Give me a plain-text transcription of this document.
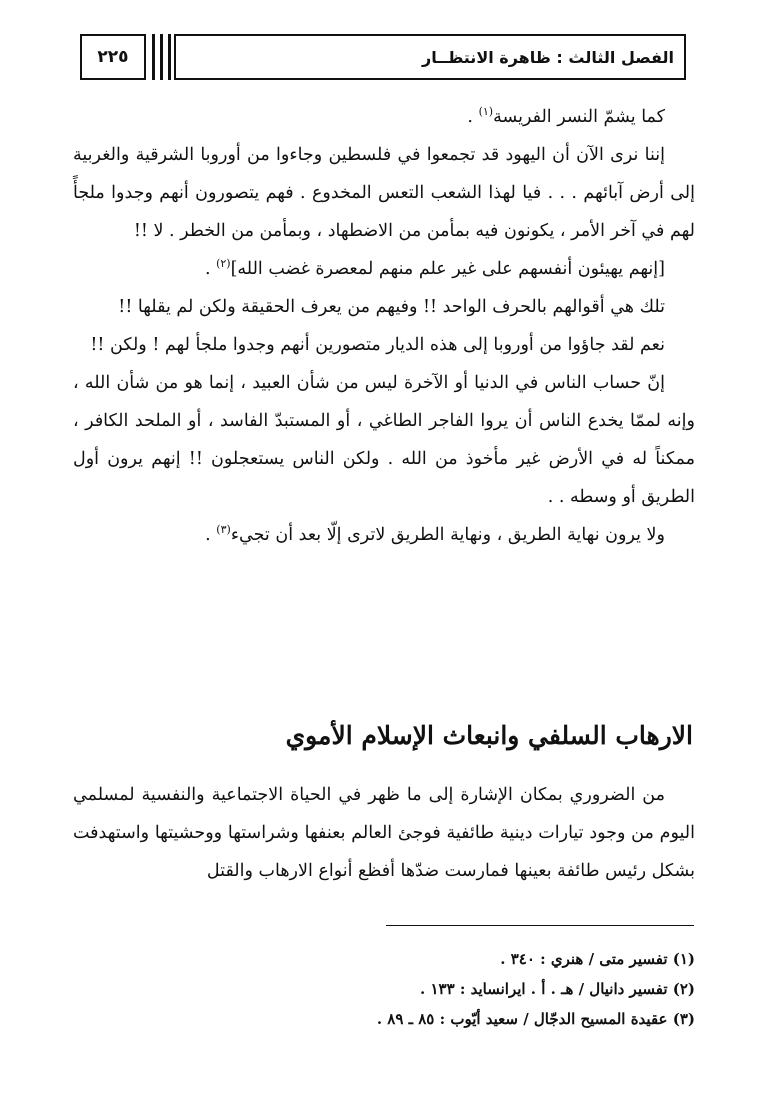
٢٢٥	الفصل الثالث : ظاهرة الانتظــار

كما يشمّ النسر الفريسة$^{(١)}$ .

إننا نرى الآن أن اليهود قد تجمعوا في فلسطين وجاءوا من أوروبا الشرقية والغربية إلى أرض آبائهم . . . فيا لهذا الشعب التعس المخدوع . فهم يتصورون أنهم وجدوا ملجأً لهم في آخر الأمر ، يكونون فيه بمأمن من الاضطهاد ، وبمأمن من الخطر . لا !!

[إنهم يهيئون أنفسهم على غير علم منهم لمعصرة غضب الله]$^{(٢)}$ .

تلك هي أقوالهم بالحرف الواحد !! وفيهم من يعرف الحقيقة ولكن لم يقلها !!

نعم لقد جاؤوا من أوروبا إلى هذه الديار متصورين أنهم وجدوا ملجأ لهم ! ولكن !!

إنّ حساب الناس في الدنيا أو الآخرة ليس من شأن العبيد ، إنما هو من شأن الله ، وإنه لممّا يخدع الناس أن يروا الفاجر الطاغي ، أو المستبدّ الفاسد ، أو الملحد الكافر ، ممكناً له في الأرض غير مأخوذ من الله . ولكن الناس يستعجلون !! إنهم يرون أول الطريق أو وسطه . .

ولا يرون نهاية الطريق ، ونهاية الطريق لاترى إلّا بعد أن تجيء$^{(٣)}$ .

الارهاب السلفي وانبعاث الإسلام الأموي

من الضروري بمكان الإشارة إلى ما ظهر في الحياة الاجتماعية والنفسية لمسلمي اليوم من وجود تيارات دينية طائفية فوجئ العالم بعنفها وشراستها ووحشيتها واستهدفت بشكل رئيس طائفة بعينها فمارست ضدّها أفظع أنواع الارهاب والقتل

(١) تفسير متى / هنري : ٣٤٠ .

(٢) تفسير دانيال / هـ . أ . ايرانسايد : ١٣٣ .

(٣) عقيدة المسيح الدجّال / سعيد أيّوب : ٨٥ ـ ٨٩ .
